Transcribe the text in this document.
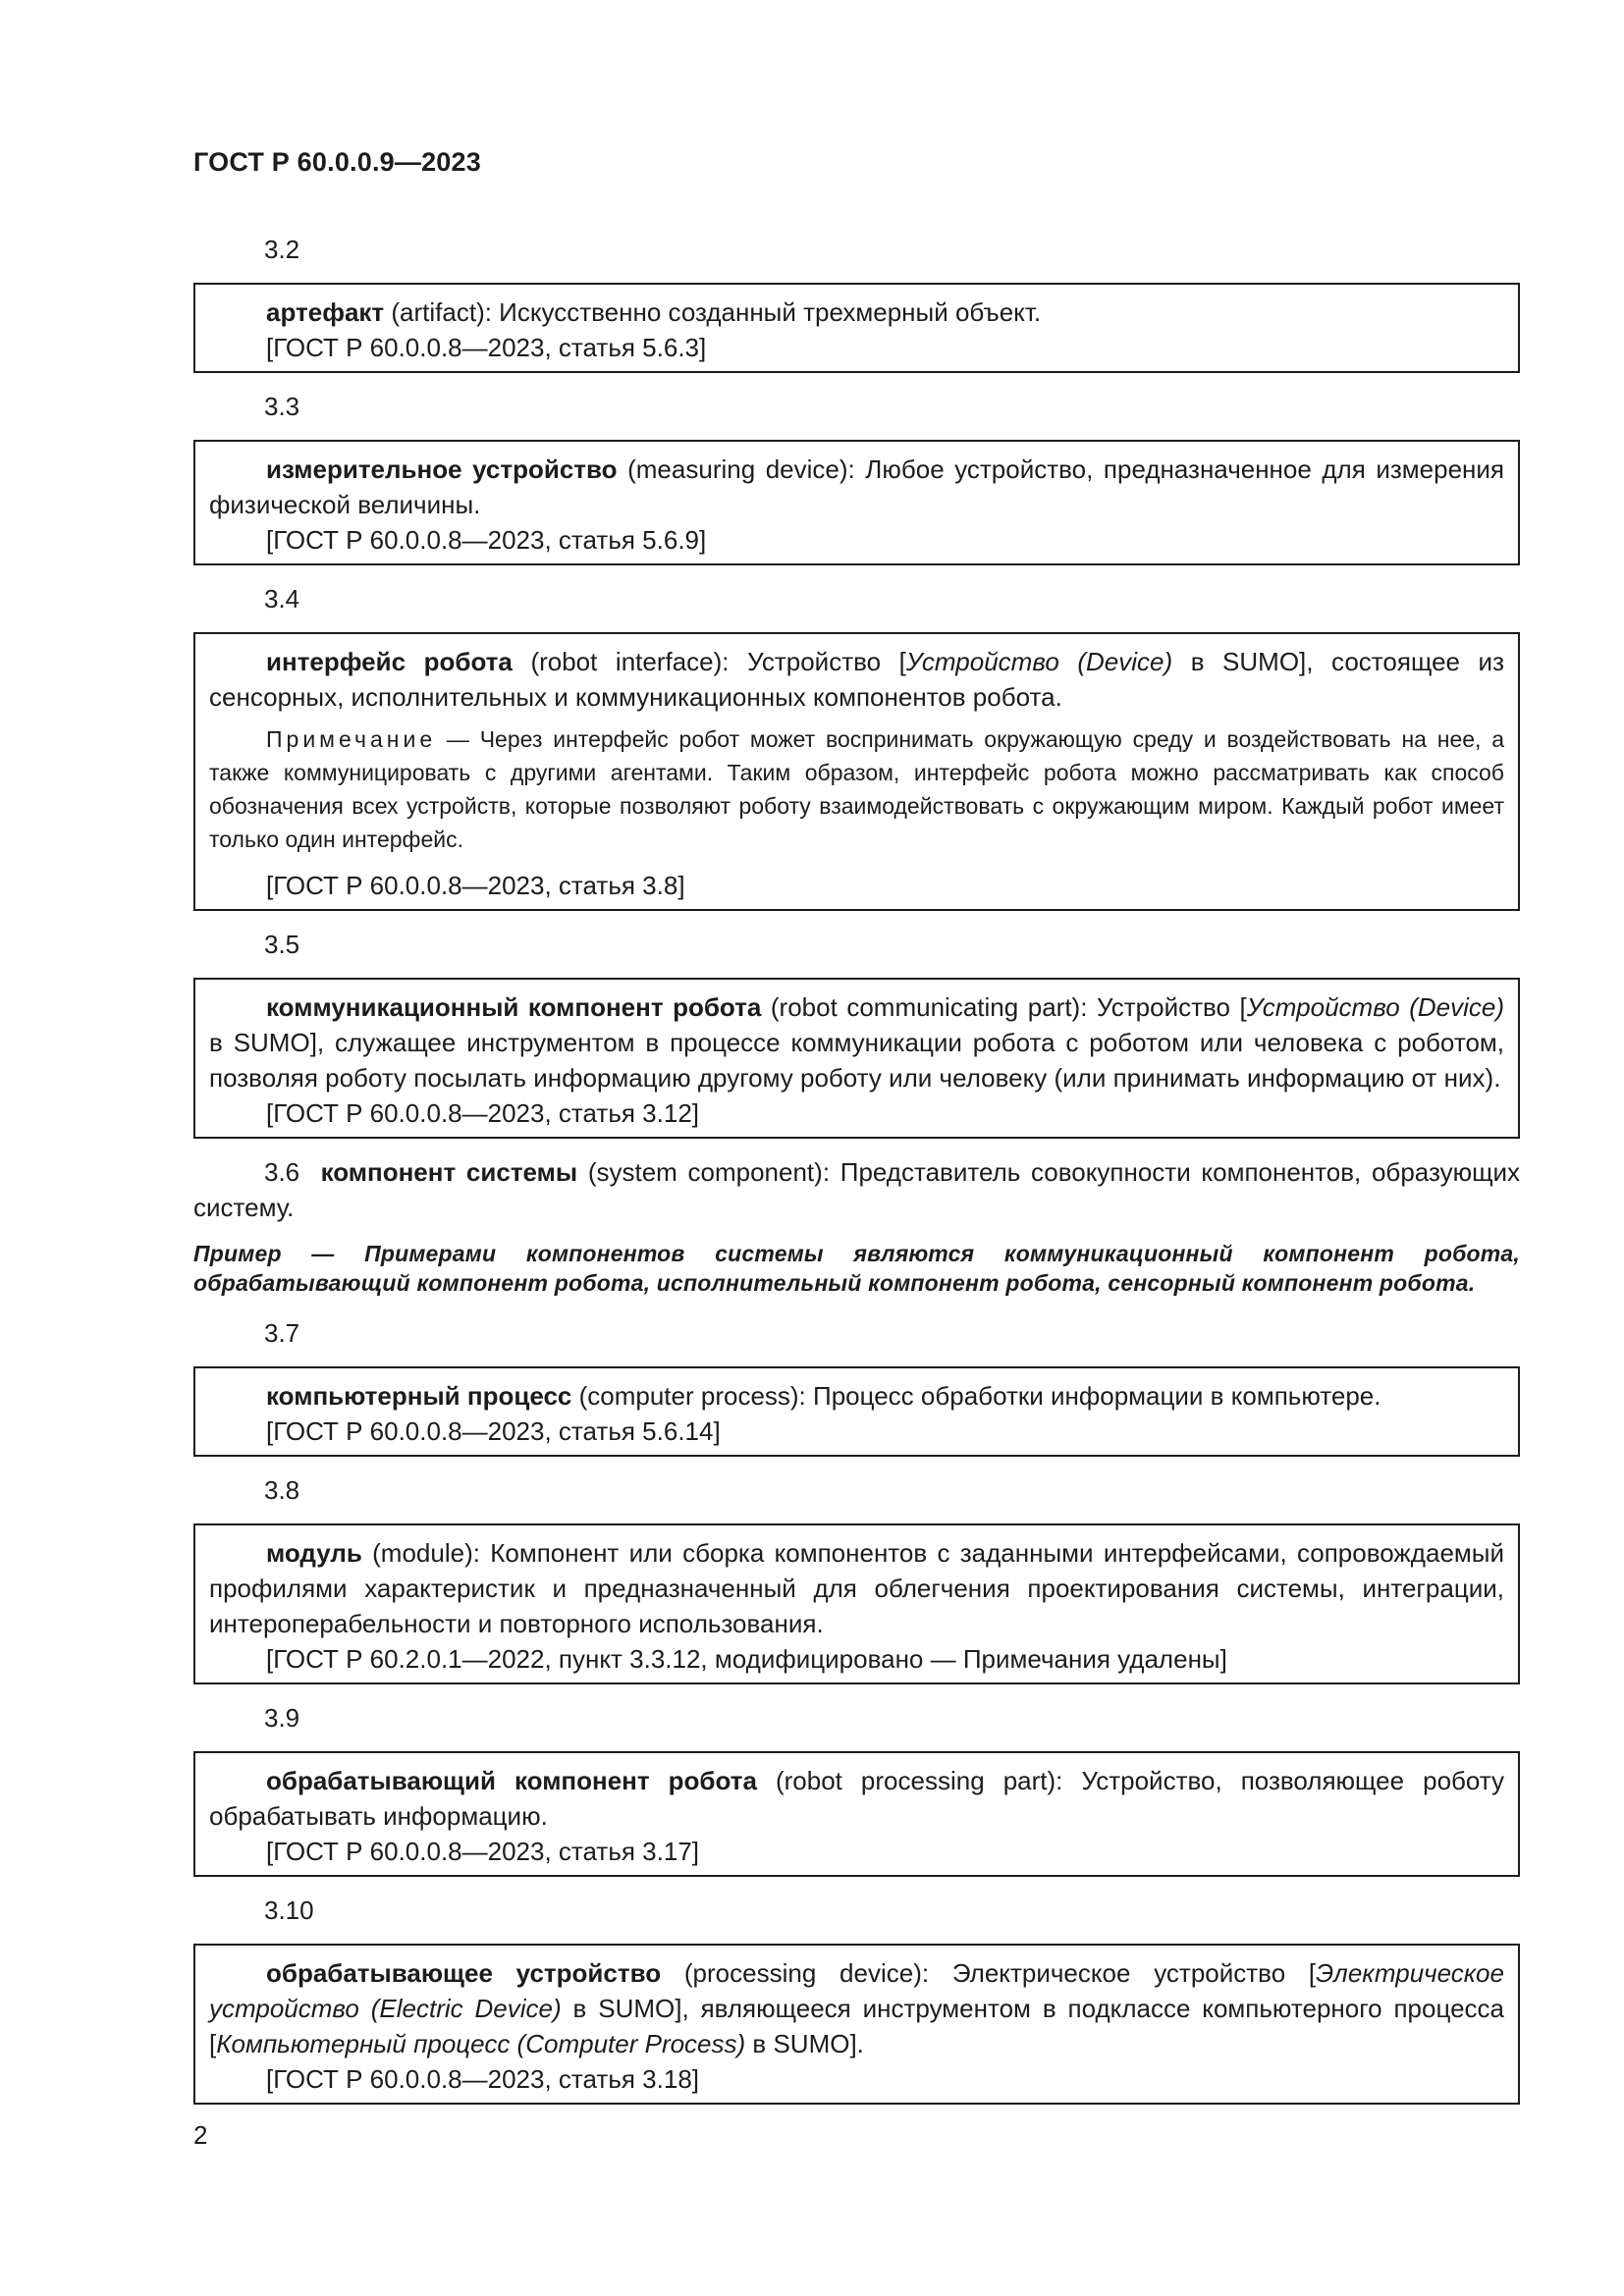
ГОСТ Р 60.0.0.9—2023
3.2

артефакт (artifact): Искусственно созданный трехмерный объект.

[ГОСТ Р 60.0.0.8—2023, статья 5.6.3]

3.3

измерительное устройство (measuring device): Любое устройство, предназначенное для измерения физической величины.

[ГОСТ Р 60.0.0.8—2023, статья 5.6.9]

3.4

интерфейс робота (robot interface): Устройство [Устройство (Device) в SUMO], состоящее из сенсорных, исполнительных и коммуникационных компонентов робота.

Примечание — Через интерфейс робот может воспринимать окружающую среду и воздействовать на нее, а также коммуницировать с другими агентами. Таким образом, интерфейс робота можно рассматривать как способ обозначения всех устройств, которые позволяют роботу взаимодействовать с окружающим миром. Каждый робот имеет только один интерфейс.

[ГОСТ Р 60.0.0.8—2023, статья 3.8]

3.5

коммуникационный компонент робота (robot communicating part): Устройство [Устройство (Device) в SUMO], служащее инструментом в процессе коммуникации робота с роботом или человека с роботом, позволяя роботу посылать информацию другому роботу или человеку (или принимать информацию от них).

[ГОСТ Р 60.0.0.8—2023, статья 3.12]

3.6 компонент системы (system component): Представитель совокупности компонентов, образующих систему.

Пример — Примерами компонентов системы являются коммуникационный компонент робота, обрабатывающий компонент робота, исполнительный компонент робота, сенсорный компонент робота.

3.7

компьютерный процесс (computer process): Процесс обработки информации в компьютере.

[ГОСТ Р 60.0.0.8—2023, статья 5.6.14]

3.8

модуль (module): Компонент или сборка компонентов с заданными интерфейсами, сопровождаемый профилями характеристик и предназначенный для облегчения проектирования системы, интеграции, интероперабельности и повторного использования.

[ГОСТ Р 60.2.0.1—2022, пункт 3.3.12, модифицировано — Примечания удалены]

3.9

обрабатывающий компонент робота (robot processing part): Устройство, позволяющее роботу обрабатывать информацию.

[ГОСТ Р 60.0.0.8—2023, статья 3.17]

3.10

обрабатывающее устройство (processing device): Электрическое устройство [Электрическое устройство (Electric Device) в SUMO], являющееся инструментом в подклассе компьютерного процесса [Компьютерный процесс (Computer Process) в SUMO].

[ГОСТ Р 60.0.0.8—2023, статья 3.18]

2
